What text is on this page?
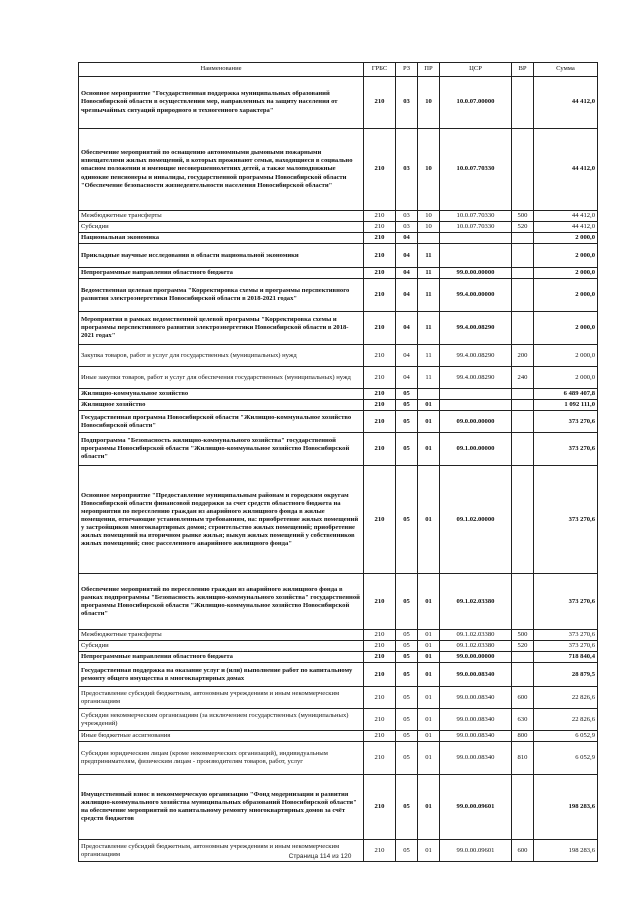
Наименование	ГРБС	РЗ	ПР	ЦСР	ВР	Сумма
Основное мероприятие "Государственная поддержка муниципальных образований Новосибирской области в осуществлении мер, направленных на защиту населения от чрезвычайных ситуаций природного и техногенного характера"	210	03	10	10.0.07.00000		44 412,0
Обеспечение мероприятий по оснащению автономными дымовыми пожарными извещателями жилых помещений, в которых проживают семьи, находящиеся в социально опасном положении и имеющие несовершеннолетних детей, а также малоподвижные одинокие пенсионеры и инвалиды, государственной программы Новосибирской области "Обеспечение безопасности жизнедеятельности населения Новосибирской области"	210	03	10	10.0.07.70330		44 412,0
Межбюджетные трансферты	210	03	10	10.0.07.70330	500	44 412,0
Субсидии	210	03	10	10.0.07.70330	520	44 412,0
Национальная экономика	210	04				2 000,0
Прикладные научные исследования в области национальной экономики	210	04	11			2 000,0
Непрограммные направления областного бюджета	210	04	11	99.0.00.00000		2 000,0
Ведомственная целевая программа "Корректировка схемы и программы перспективного развития электроэнергетики Новосибирской области в 2018-2021 годах"	210	04	11	99.4.00.00000		2 000,0
Мероприятия в рамках ведомственной целевой программы "Корректировка схемы и программы перспективного развития электроэнергетики Новосибирской области в 2018-2021 годах"	210	04	11	99.4.00.08290		2 000,0
Закупка товаров, работ и услуг для государственных (муниципальных) нужд	210	04	11	99.4.00.08290	200	2 000,0
Иные закупки товаров, работ и услуг для обеспечения государственных (муниципальных) нужд	210	04	11	99.4.00.08290	240	2 000,0
Жилищно-коммунальное хозяйство	210	05				6 489 407,8
Жилищное хозяйство	210	05	01			1 092 111,0
Государственная программа Новосибирской области "Жилищно-коммунальное хозяйство Новосибирской области"	210	05	01	09.0.00.00000		373 270,6
Подпрограмма "Безопасность жилищно-коммунального хозяйства" государственной программы Новосибирской области "Жилищно-коммунальное хозяйство Новосибирской области"	210	05	01	09.1.00.00000		373 270,6
Основное мероприятие "Предоставление муниципальным районам и городским округам Новосибирской области финансовой поддержки за счет средств областного бюджета на мероприятия по переселению граждан из аварийного жилищного фонда в жилые помещения, отвечающие установленным требованиям, на: приобретение жилых помещений у застройщиков многоквартирных домов; строительство жилых помещений; приобретение жилых помещений на вторичном рынке жилья; выкуп жилых помещений у собственников жилых помещений; снос расселенного аварийного жилищного фонда"	210	05	01	09.1.02.00000		373 270,6
Обеспечение мероприятий по переселению граждан из аварийного жилищного фонда в рамках подпрограммы "Безопасность жилищно-коммунального хозяйства" государственной программы Новосибирской области "Жилищно-коммунальное хозяйство Новосибирской области"	210	05	01	09.1.02.03380		373 270,6
Межбюджетные трансферты	210	05	01	09.1.02.03380	500	373 270,6
Субсидии	210	05	01	09.1.02.03380	520	373 270,6
Непрограммные направления областного бюджета	210	05	01	99.0.00.00000		718 840,4
Государственная поддержка на оказание услуг и (или) выполнение работ по капитальному ремонту общего имущества в многоквартирных домах	210	05	01	99.0.00.08340		28 879,5
Предоставление субсидий бюджетным, автономным учреждениям и иным некоммерческим организациям	210	05	01	99.0.00.08340	600	22 826,6
Субсидии некоммерческим организациям (за исключением государственных (муниципальных) учреждений)	210	05	01	99.0.00.08340	630	22 826,6
Иные бюджетные ассигнования	210	05	01	99.0.00.08340	800	6 052,9
Субсидии юридическим лицам (кроме некоммерческих организаций), индивидуальным предпринимателям, физическим лицам - производителям товаров, работ, услуг	210	05	01	99.0.00.08340	810	6 052,9
Имущественный взнос в некоммерческую организацию "Фонд модернизации и развития жилищно-коммунального хозяйства муниципальных образований Новосибирской области" на обеспечение мероприятий по капитальному ремонту многоквартирных домов за счёт средств бюджетов	210	05	01	99.0.00.09601		198 283,6
Предоставление субсидий бюджетным, автономным учреждениям и иным некоммерческим организациям	210	05	01	99.0.00.09601	600	198 283,6
Страница 114 из 120
